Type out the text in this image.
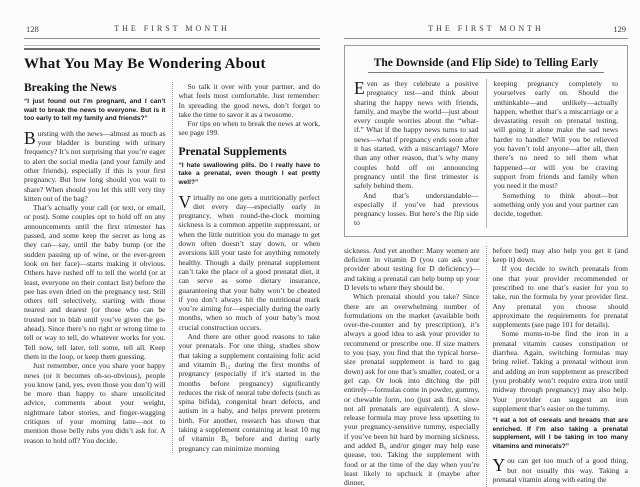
128	THE FIRST MONTH
What You May Be Wondering About
Breaking the News

“I just found out I’m pregnant, and I can’t wait to break the news to everyone. But is it too early to tell my family and friends?”

Bursting with the news—almost as much as your bladder is bursting with urinary frequency? It’s not surprising that you’re eager to alert the social media (and your family and other friends), especially if this is your first pregnancy. But how long should you wait to share? When should you let this still very tiny kitten out of the bag?

That’s actually your call (or text, or email, or post). Some couples opt to hold off on any announcements until the first trimester has passed, and some keep the secret as long as they can—say, until the baby bump (or the sudden passing up of wine, or the ever-green look on her face)—starts making it obvious. Others have rushed off to tell the world (or at least, everyone on their contact list) before the pee has even dried on the pregnancy test. Still others tell selectively, starting with those nearest and dearest (or those who can be trusted not to blab until you’ve given the go-ahead). Since there’s no right or wrong time to tell or way to tell, do whatever works for you. Tell now, tell later, tell some, tell all. Keep them in the loop, or keep them guessing.

Just remember, once you share your happy news (or it becomes oh-so-obvious), people you know (and, yes, even those you don’t) will be more than happy to share unsolicited advice, comments about your weight, nightmare labor stories, and finger-wagging critiques of your morning latte—not to mention those belly rubs you didn’t ask for. A reason to hold off? You decide.

So talk it over with your partner, and do what feels most comfortable. Just remember: In spreading the good news, don’t forget to take the time to savor it as a twosome.

For tips on when to break the news at work, see page 199.

Prenatal Supplements

“I hate swallowing pills. Do I really have to take a prenatal, even though I eat pretty well?”

Virtually no one gets a nutritionally perfect diet every day—especially early in pregnancy, when round-the-clock morning sickness is a common appetite suppressant, or when the little nutrition you do manage to get down often doesn’t stay down, or when aversions kill your taste for anything remotely healthy. Though a daily prenatal supplement can’t take the place of a good prenatal diet, it can serve as some dietary insurance, guaranteeing that your baby won’t be cheated if you don’t always hit the nutritional mark you’re aiming for—especially during the early months, when so much of your baby’s most crucial construction occurs.

And there are other good reasons to take your prenatals. For one thing, studies show that taking a supplement containing folic acid and vitamin B₁₂ during the first months of pregnancy (especially if it’s started in the months before pregnancy) significantly reduces the risk of neural tube defects (such as spina bifida), congenital heart defects, and autism in a baby, and helps prevent preterm birth. For another, research has shown that taking a supplement containing at least 10 mg of vitamin B₆ before and during early pregnancy can minimize morning

THE FIRST MONTH	129
The Downside (and Flip Side) to Telling Early

Even as they celebrate a positive pregnancy test—and think about sharing the happy news with friends, family, and maybe the world—just about every couple worries about the “what-if.” What if the happy news turns to sad news—what if pregnancy ends soon after it has started, with a miscarriage? More than any other reason, that’s why many couples hold off on announcing pregnancy until the first trimester is safely behind them.

And that’s understandable—especially if you’ve had previous pregnancy losses. But here’s the flip side to

keeping pregnancy completely to yourselves early on. Should the unthinkable—and unlikely—actually happen, whether that’s a miscarriage or a devastating result on prenatal testing, will going it alone make the sad news harder to handle? Will you be relieved you haven’t told anyone—after all, then there’s no need to tell them what happened—or will you be craving support from friends and family when you need it the most?

Something to think about—but something only you and your partner can decide, together.

sickness. And yet another: Many women are deficient in vitamin D (you can ask your provider about testing for D deficiency)—and taking a prenatal can help bump up your D levels to where they should be.

Which prenatal should you take? Since there are an overwhelming number of formulations on the market (available both over-the-counter and by prescription), it’s always a good idea to ask your provider to recommend or prescribe one. If size matters to you (say, you find that the typical horse-size prenatal supplement is hard to gag down) ask for one that’s smaller, coated, or a gel cap. Or look into ditching the pill entirely—formulas come in powder, gummy, or chewable form, too (just ask first, since not all prenatals are equivalent). A slow-release formula may prove less upsetting to your pregnancy-sensitive tummy, especially if you’ve been hit hard by morning sickness, and added B₆ and/or ginger may help ease quease, too. Taking the supplement with food or at the time of the day when you’re least likely to upchuck it (maybe after dinner,

before bed) may also help you get it (and keep it) down.

If you decide to switch prenatals from one that your provider recommended or prescribed to one that’s easier for you to take, run the formula by your provider first. Any prenatal you choose should approximate the requirements for prenatal supplements (see page 101 for details).

Some moms-to-be find the iron in a prenatal vitamin causes constipation or diarrhea. Again, switching formulas may bring relief. Taking a prenatal without iron and adding an iron supplement as prescribed (you probably won’t require extra iron until midway through pregnancy) may also help. Your provider can suggest an iron supplement that’s easier on the tummy.

“I eat a lot of cereals and breads that are enriched. If I’m also taking a prenatal supplement, will I be taking in too many vitamins and minerals?”

You can get too much of a good thing, but not usually this way. Taking a prenatal vitamin along with eating the
